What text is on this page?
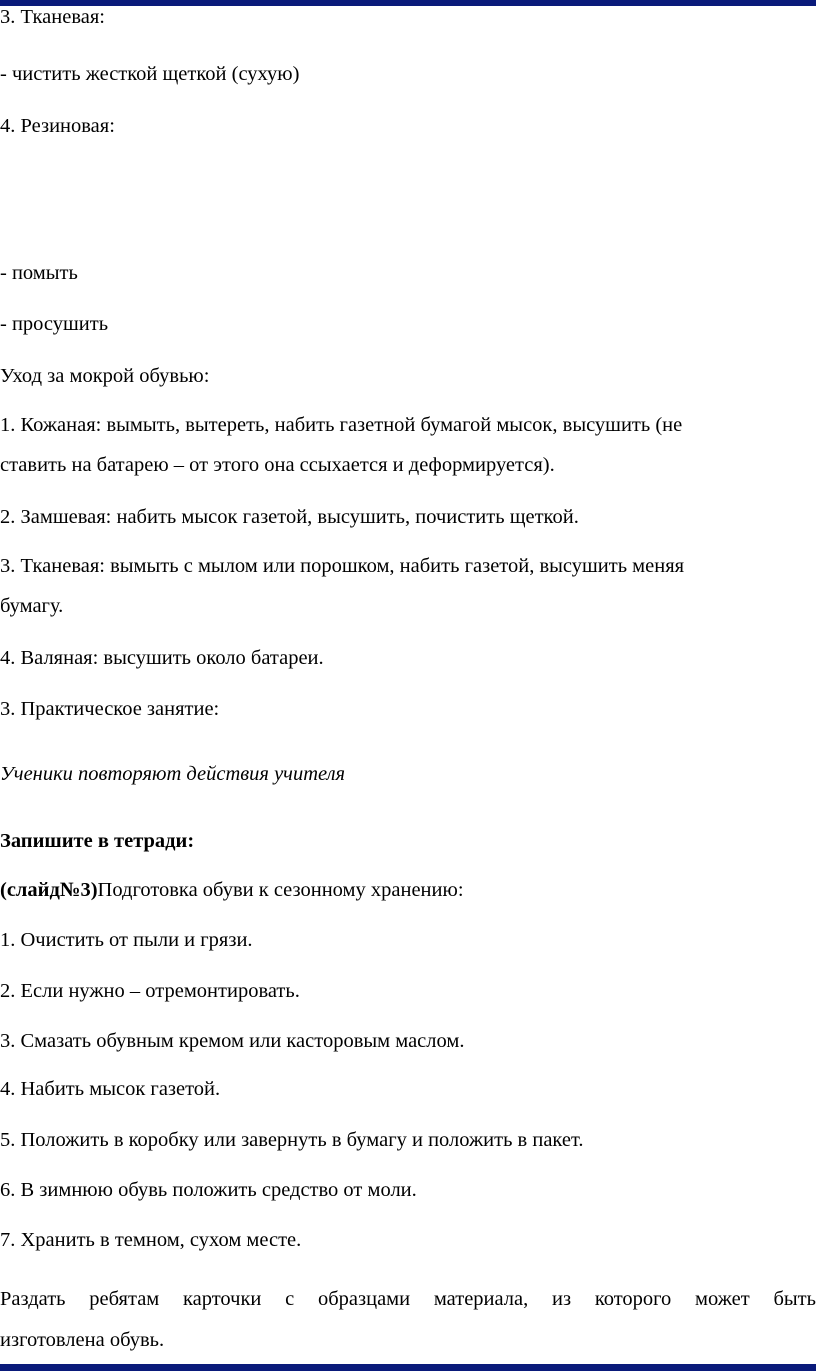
3. Тканевая:
- чистить жесткой щеткой (сухую)
4. Резиновая:
- помыть
- просушить
Уход за мокрой обувью:
1. Кожаная: вымыть, вытереть, набить газетной бумагой мысок, высушить (не
ставить на батарею – от этого она ссыхается и деформируется).
2. Замшевая: набить мысок газетой, высушить, почистить щеткой.
3. Тканевая: вымыть с мылом или порошком, набить газетой, высушить меняя
бумагу.
4. Валяная: высушить около батареи.
3. Практическое занятие:
Ученики повторяют действия учителя
Запишите в тетради:
(слайд№3)Подготовка обуви к сезонному хранению:
1. Очистить от пыли и грязи.
2. Если нужно – отремонтировать.
3. Смазать обувным кремом или касторовым маслом.
4. Набить мысок газетой.
5. Положить в коробку или завернуть в бумагу и положить в пакет.
6. В зимнюю обувь положить средство от моли.
7. Хранить в темном, сухом месте.
Раздать ребятам карточки с образцами материала, из которого может быть
изготовлена обувь.
